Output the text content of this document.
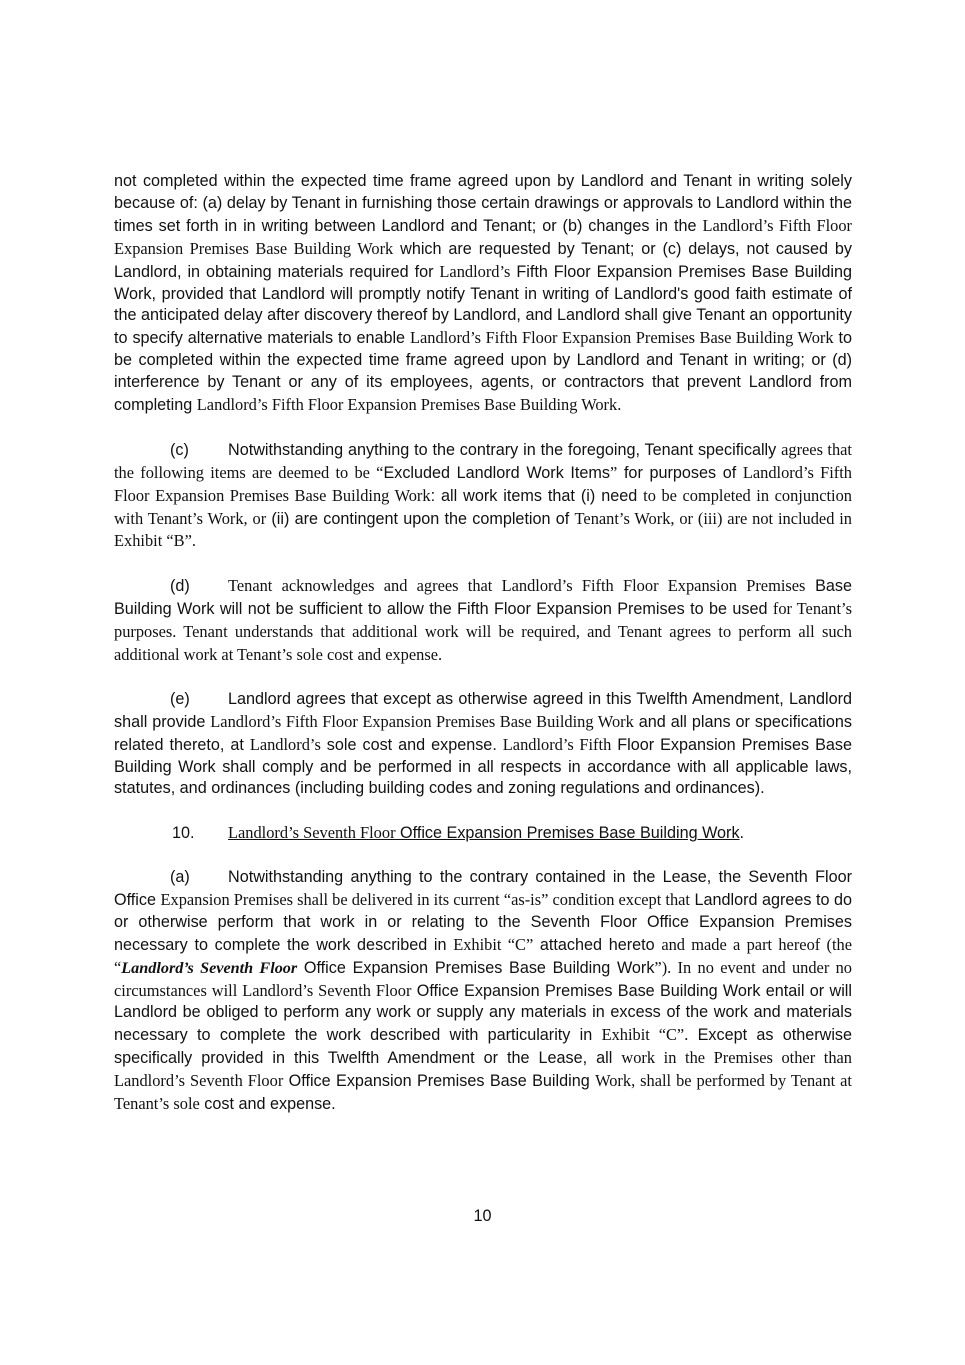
not completed within the expected time frame agreed upon by Landlord and Tenant in writing solely because of: (a) delay by Tenant in furnishing those certain drawings or approvals to Landlord within the times set forth in in writing between Landlord and Tenant; or (b) changes in the Landlord’s Fifth Floor Expansion Premises Base Building Work which are requested by Tenant; or (c) delays, not caused by Landlord, in obtaining materials required for Landlord’s Fifth Floor Expansion Premises Base Building Work, provided that Landlord will promptly notify Tenant in writing of Landlord's good faith estimate of the anticipated delay after discovery thereof by Landlord, and Landlord shall give Tenant an opportunity to specify alternative materials to enable Landlord’s Fifth Floor Expansion Premises Base Building Work to be completed within the expected time frame agreed upon by Landlord and Tenant in writing; or (d) interference by Tenant or any of its employees, agents, or contractors that prevent Landlord from completing Landlord’s Fifth Floor Expansion Premises Base Building Work.

(c) Notwithstanding anything to the contrary in the foregoing, Tenant specifically agrees that the following items are deemed to be “Excluded Landlord Work Items” for purposes of Landlord’s Fifth Floor Expansion Premises Base Building Work: all work items that (i) need to be completed in conjunction with Tenant’s Work, or (ii) are contingent upon the completion of Tenant’s Work, or (iii) are not included in Exhibit “B”.

(d) Tenant acknowledges and agrees that Landlord’s Fifth Floor Expansion Premises Base Building Work will not be sufficient to allow the Fifth Floor Expansion Premises to be used for Tenant’s purposes. Tenant understands that additional work will be required, and Tenant agrees to perform all such additional work at Tenant’s sole cost and expense.

(e) Landlord agrees that except as otherwise agreed in this Twelfth Amendment, Landlord shall provide Landlord’s Fifth Floor Expansion Premises Base Building Work and all plans or specifications related thereto, at Landlord’s sole cost and expense. Landlord’s Fifth Floor Expansion Premises Base Building Work shall comply and be performed in all respects in accordance with all applicable laws, statutes, and ordinances (including building codes and zoning regulations and ordinances).

10. Landlord’s Seventh Floor Office Expansion Premises Base Building Work.

(a) Notwithstanding anything to the contrary contained in the Lease, the Seventh Floor Office Expansion Premises shall be delivered in its current “as-is” condition except that Landlord agrees to do or otherwise perform that work in or relating to the Seventh Floor Office Expansion Premises necessary to complete the work described in Exhibit “C” attached hereto and made a part hereof (the “Landlord’s Seventh Floor Office Expansion Premises Base Building Work”). In no event and under no circumstances will Landlord’s Seventh Floor Office Expansion Premises Base Building Work entail or will Landlord be obliged to perform any work or supply any materials in excess of the work and materials necessary to complete the work described with particularity in Exhibit “C”. Except as otherwise specifically provided in this Twelfth Amendment or the Lease, all work in the Premises other than Landlord’s Seventh Floor Office Expansion Premises Base Building Work, shall be performed by Tenant at Tenant’s sole cost and expense.

10
